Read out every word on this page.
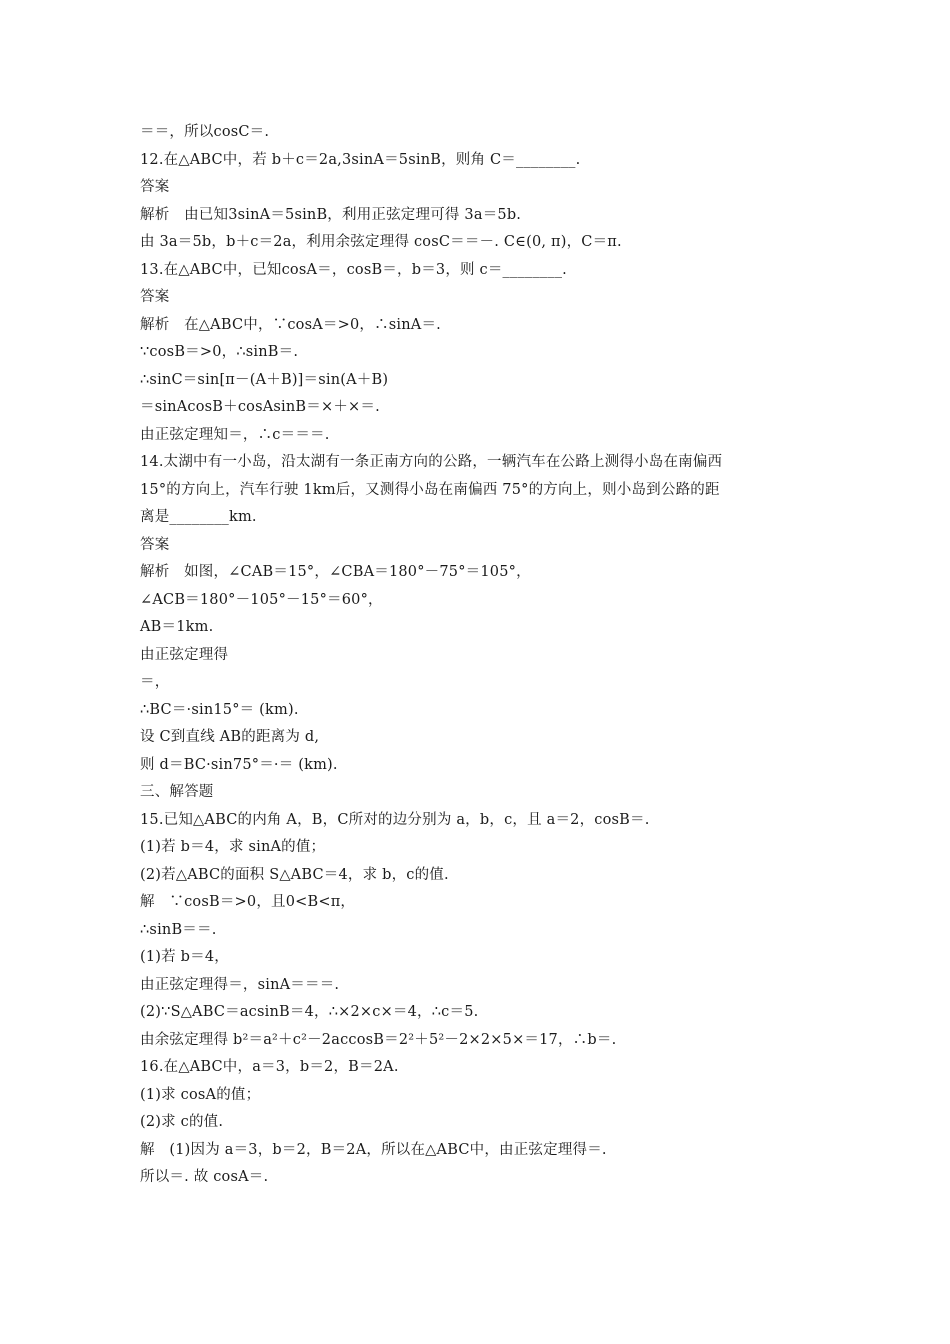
＝＝，所以cosC＝.
12.在△ABC中，若 b＋c＝2a,3sinA＝5sinB，则角 C＝________.
答案
解析　由已知3sinA＝5sinB，利用正弦定理可得 3a＝5b.
由 3a＝5b，b＋c＝2a，利用余弦定理得 cosC＝＝－. C∈(0, π)，C＝π.
13.在△ABC中，已知cosA＝，cosB＝，b＝3，则 c＝________.
答案
解析　在△ABC中，∵cosA＝>0，∴sinA＝.
∵cosB＝>0，∴sinB＝.
∴sinC＝sin[π－(A＋B)]＝sin(A＋B)
＝sinAcosB＋cosAsinB＝×＋×＝.
由正弦定理知＝，∴c＝＝＝.
14.太湖中有一小岛，沿太湖有一条正南方向的公路，一辆汽车在公路上测得小岛在南偏西
15°的方向上，汽车行驶 1km后，又测得小岛在南偏西 75°的方向上，则小岛到公路的距
离是________km.
答案
解析　如图，∠CAB＝15°，∠CBA＝180°－75°＝105°，
∠ACB＝180°－105°－15°＝60°，
AB＝1km.
由正弦定理得
＝，
∴BC＝·sin15°＝ (km).
设 C到直线 AB的距离为 d,
则 d＝BC·sin75°＝·＝ (km).
三、解答题
15.已知△ABC的内角 A，B，C所对的边分别为 a，b，c，且 a＝2，cosB＝.
(1)若 b＝4，求 sinA的值；
(2)若△ABC的面积 S△ABC＝4，求 b，c的值.
解　∵cosB＝>0，且0<B<π，
∴sinB＝＝.
(1)若 b＝4，
由正弦定理得＝，sinA＝＝＝.
(2)∵S△ABC＝acsinB＝4，∴×2×c×＝4，∴c＝5.
由余弦定理得 b²＝a²＋c²－2accosB＝2²＋5²－2×2×5×＝17，∴b＝.
16.在△ABC中，a＝3，b＝2，B＝2A.
(1)求 cosA的值；
(2)求 c的值.
解　(1)因为 a＝3，b＝2，B＝2A，所以在△ABC中，由正弦定理得＝.
所以＝. 故 cosA＝.
